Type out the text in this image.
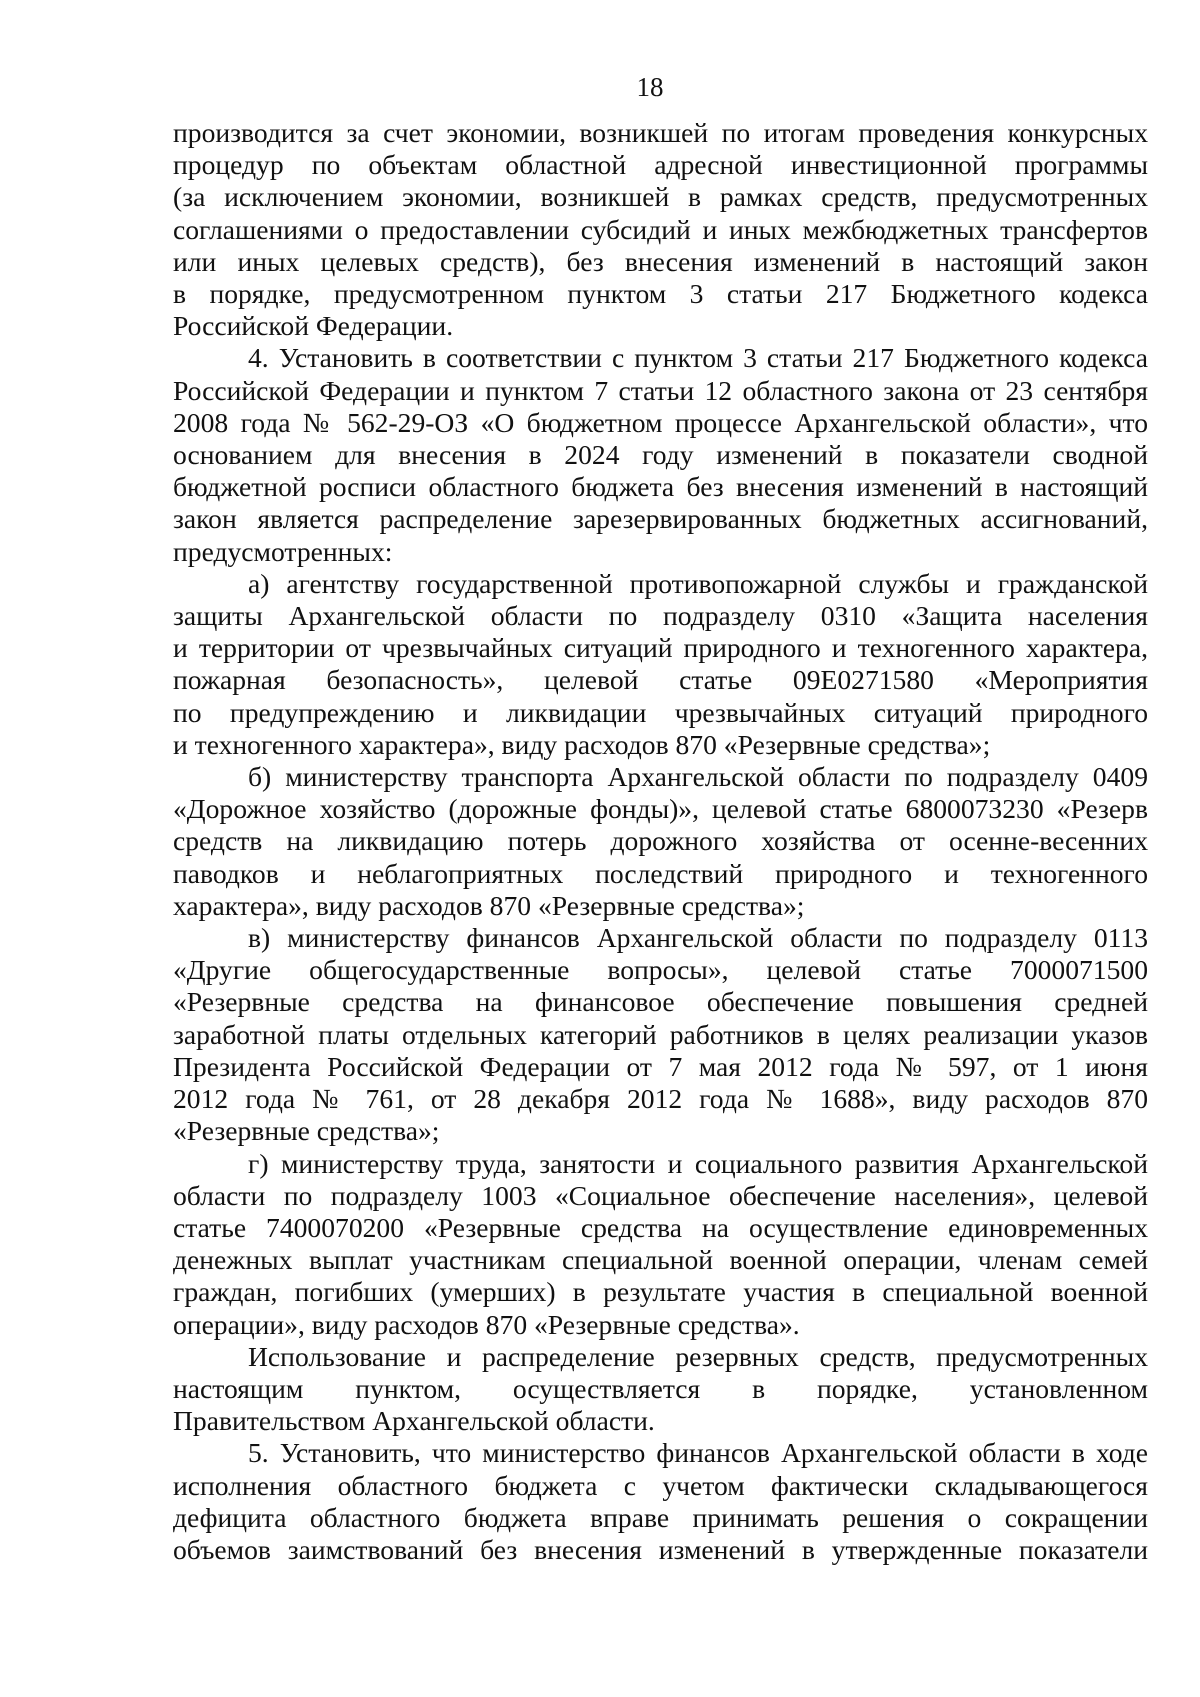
18

производится за счет экономии, возникшей по итогам проведения конкурсных
процедур по объектам областной адресной инвестиционной программы
(за исключением экономии, возникшей в рамках средств, предусмотренных
соглашениями о предоставлении субсидий и иных межбюджетных трансфертов
или иных целевых средств), без внесения изменений в настоящий закон
в порядке, предусмотренном пунктом 3 статьи 217 Бюджетного кодекса
Российской Федерации.

4. Установить в соответствии с пунктом 3 статьи 217 Бюджетного кодекса
Российской Федерации и пунктом 7 статьи 12 областного закона от 23 сентября
2008 года № 562-29-ОЗ «О бюджетном процессе Архангельской области», что
основанием для внесения в 2024 году изменений в показатели сводной
бюджетной росписи областного бюджета без внесения изменений в настоящий
закон является распределение зарезервированных бюджетных ассигнований,
предусмотренных:

а) агентству государственной противопожарной службы и гражданской
защиты Архангельской области по подразделу 0310 «Защита населения
и территории от чрезвычайных ситуаций природного и техногенного характера,
пожарная безопасность», целевой статье 09Е0271580 «Мероприятия
по предупреждению и ликвидации чрезвычайных ситуаций природного
и техногенного характера», виду расходов 870 «Резервные средства»;

б) министерству транспорта Архангельской области по подразделу 0409
«Дорожное хозяйство (дорожные фонды)», целевой статье 6800073230 «Резерв
средств на ликвидацию потерь дорожного хозяйства от осенне-весенних
паводков и неблагоприятных последствий природного и техногенного
характера», виду расходов 870 «Резервные средства»;

в) министерству финансов Архангельской области по подразделу 0113
«Другие общегосударственные вопросы», целевой статье 7000071500
«Резервные средства на финансовое обеспечение повышения средней
заработной платы отдельных категорий работников в целях реализации указов
Президента Российской Федерации от 7 мая 2012 года № 597, от 1 июня
2012 года № 761, от 28 декабря 2012 года № 1688», виду расходов 870
«Резервные средства»;

г) министерству труда, занятости и социального развития Архангельской
области по подразделу 1003 «Социальное обеспечение населения», целевой
статье 7400070200 «Резервные средства на осуществление единовременных
денежных выплат участникам специальной военной операции, членам семей
граждан, погибших (умерших) в результате участия в специальной военной
операции», виду расходов 870 «Резервные средства».

Использование и распределение резервных средств, предусмотренных
настоящим пунктом, осуществляется в порядке, установленном
Правительством Архангельской области.

5. Установить, что министерство финансов Архангельской области в ходе
исполнения областного бюджета с учетом фактически складывающегося
дефицита областного бюджета вправе принимать решения о сокращении
объемов заимствований без внесения изменений в утвержденные показатели
